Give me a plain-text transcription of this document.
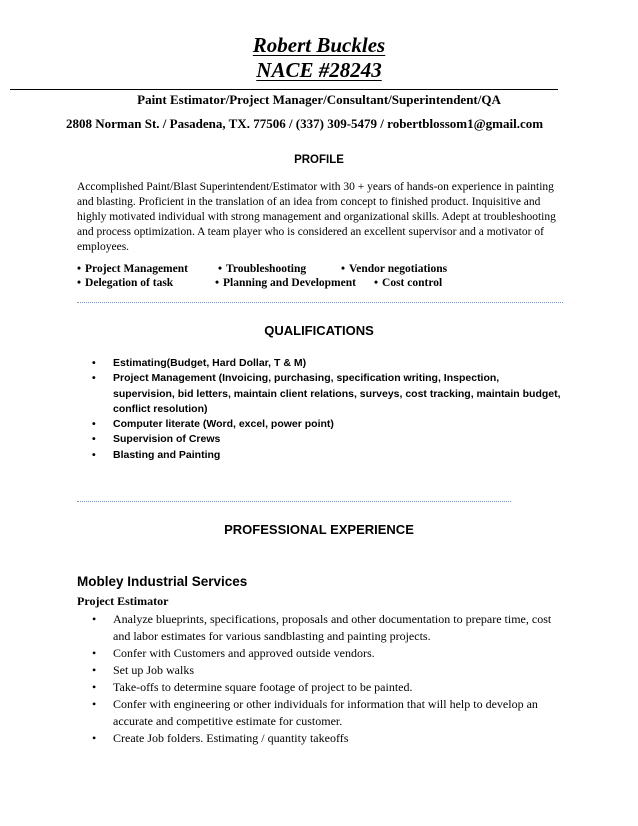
Robert Buckles
NACE #28243
Paint Estimator/Project Manager/Consultant/Superintendent/QA
2808 Norman St. / Pasadena, TX. 77506 / (337) 309-5479 / robertblossom1@gmail.com
PROFILE
Accomplished Paint/Blast Superintendent/Estimator with 30 + years of hands-on experience in painting and blasting. Proficient in the translation of an idea from concept to finished product. Inquisitive and highly motivated individual with strong management and organizational skills. Adept at troubleshooting and process optimization. A team player who is considered an excellent supervisor and a motivator of employees.
• Project Management	• Troubleshooting	• Vendor negotiations
• Delegation of task	• Planning and Development • Cost control
QUALIFICATIONS
• Estimating(Budget, Hard Dollar, T & M)
• Project Management (Invoicing, purchasing, specification writing, Inspection, supervision, bid letters, maintain client relations, surveys, cost tracking, maintain budget, conflict resolution)
• Computer literate (Word, excel, power point)
• Supervision of Crews
• Blasting and Painting
PROFESSIONAL EXPERIENCE
Mobley Industrial Services
Project Estimator
• Analyze blueprints, specifications, proposals and other documentation to prepare time, cost and labor estimates for various sandblasting and painting projects.
• Confer with Customers and approved outside vendors.
• Set up Job walks
• Take-offs to determine square footage of project to be painted.
• Confer with engineering or other individuals for information that will help to develop an accurate and competitive estimate for customer.
• Create Job folders. Estimating / quantity takeoffs
